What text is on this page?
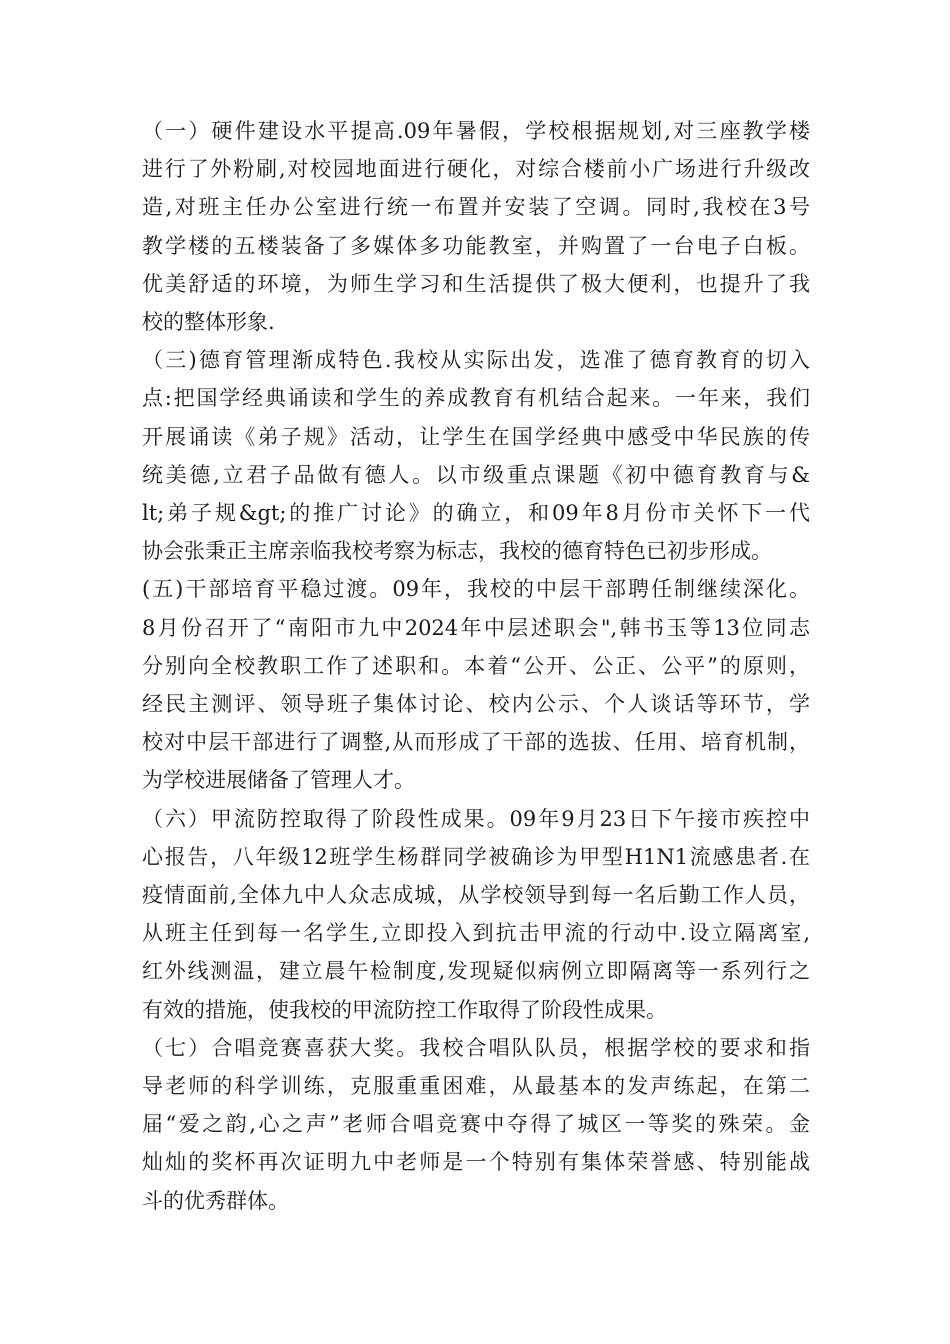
（一）硬件建设水平提高.09年暑假，学校根据规划,对三座教学楼
进行了外粉刷,对校园地面进行硬化，对综合楼前小广场进行升级改
造,对班主任办公室进行统一布置并安装了空调。同时,我校在3号
教学楼的五楼装备了多媒体多功能教室，并购置了一台电子白板。
优美舒适的环境，为师生学习和生活提供了极大便利，也提升了我
校的整体形象.
（三)德育管理渐成特色.我校从实际出发，选准了德育教育的切入
点:把国学经典诵读和学生的养成教育有机结合起来。一年来，我们
开展诵读《弟子规》活动，让学生在国学经典中感受中华民族的传
统美德,立君子品做有德人。以市级重点课题《初中德育教育与&
lt;弟子规&gt;的推广讨论》的确立，和09年8月份市关怀下一代
协会张秉正主席亲临我校考察为标志，我校的德育特色已初步形成。
(五)干部培育平稳过渡。09年，我校的中层干部聘任制继续深化。
8月份召开了“南阳市九中2024年中层述职会",韩书玉等13位同志
分别向全校教职工作了述职和。本着“公开、公正、公平”的原则，
经民主测评、领导班子集体讨论、校内公示、个人谈话等环节，学
校对中层干部进行了调整,从而形成了干部的选拔、任用、培育机制，
为学校进展储备了管理人才。
（六）甲流防控取得了阶段性成果。09年9月23日下午接市疾控中
心报告，八年级12班学生杨群同学被确诊为甲型H1N1流感患者.在
疫情面前,全体九中人众志成城，从学校领导到每一名后勤工作人员，
从班主任到每一名学生,立即投入到抗击甲流的行动中.设立隔离室,
红外线测温，建立晨午检制度,发现疑似病例立即隔离等一系列行之
有效的措施，使我校的甲流防控工作取得了阶段性成果。
（七）合唱竞赛喜获大奖。我校合唱队队员，根据学校的要求和指
导老师的科学训练，克服重重困难，从最基本的发声练起，在第二
届“爱之韵,心之声”老师合唱竞赛中夺得了城区一等奖的殊荣。金
灿灿的奖杯再次证明九中老师是一个特别有集体荣誉感、特别能战
斗的优秀群体。
